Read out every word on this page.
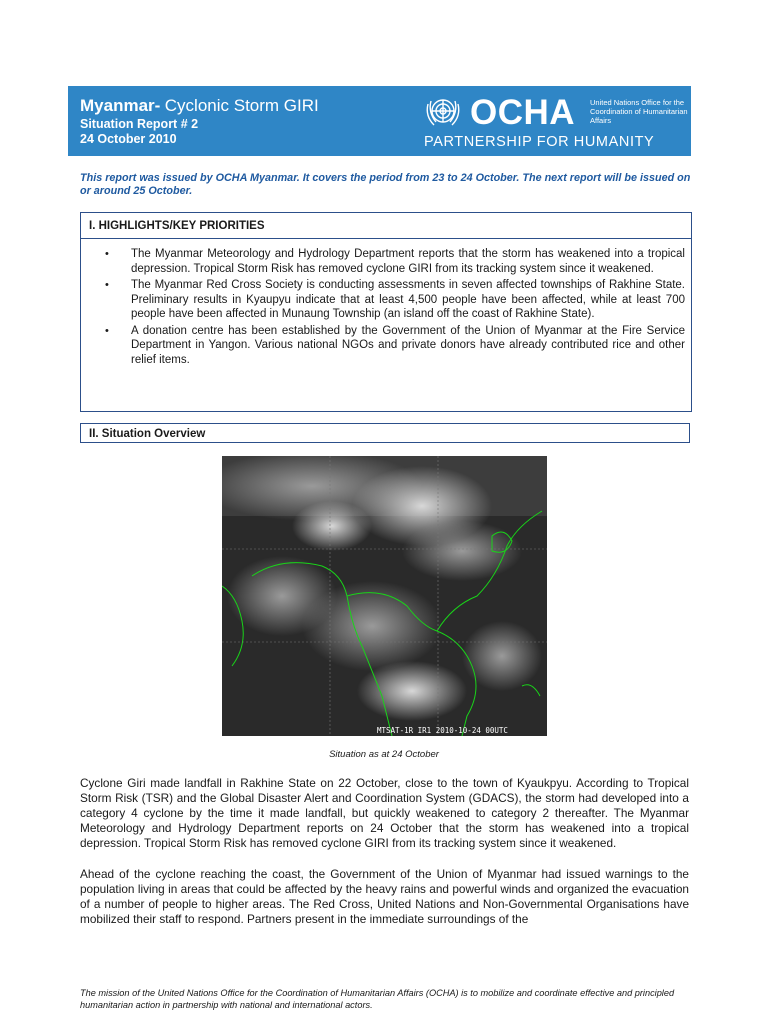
Myanmar- Cyclonic Storm GIRI
Situation Report # 2
24 October 2010
OCHA United Nations Office for the Coordination of Humanitarian Affairs
PARTNERSHIP FOR HUMANITY
This report was issued by OCHA Myanmar. It covers the period from 23 to 24 October. The next report will be issued on or around 25 October.
I. HIGHLIGHTS/KEY PRIORITIES
• The Myanmar Meteorology and Hydrology Department reports that the storm has weakened into a tropical depression. Tropical Storm Risk has removed cyclone GIRI from its tracking system since it weakened.
• The Myanmar Red Cross Society is conducting assessments in seven affected townships of Rakhine State. Preliminary results in Kyaupyu indicate that at least 4,500 people have been affected, while at least 700 people have been affected in Munaung Township (an island off the coast of Rakhine State).
• A donation centre has been established by the Government of the Union of Myanmar at the Fire Service Department in Yangon. Various national NGOs and private donors have already contributed rice and other relief items.
II. Situation Overview
MTSAT-1R IR1 2010-10-24 00UTC
Situation as at 24 October
Cyclone Giri made landfall in Rakhine State on 22 October, close to the town of Kyaukpyu. According to Tropical Storm Risk (TSR) and the Global Disaster Alert and Coordination System (GDACS), the storm had developed into a category 4 cyclone by the time it made landfall, but quickly weakened to category 2 thereafter. The Myanmar Meteorology and Hydrology Department reports on 24 October that the storm has weakened into a tropical depression. Tropical Storm Risk has removed cyclone GIRI from its tracking system since it weakened.
Ahead of the cyclone reaching the coast, the Government of the Union of Myanmar had issued warnings to the population living in areas that could be affected by the heavy rains and powerful winds and organized the evacuation of a number of people to higher areas. The Red Cross, United Nations and Non-Governmental Organisations have mobilized their staff to respond. Partners present in the immediate surroundings of the
The mission of the United Nations Office for the Coordination of Humanitarian Affairs (OCHA) is to mobilize and coordinate effective and principled humanitarian action in partnership with national and international actors.
